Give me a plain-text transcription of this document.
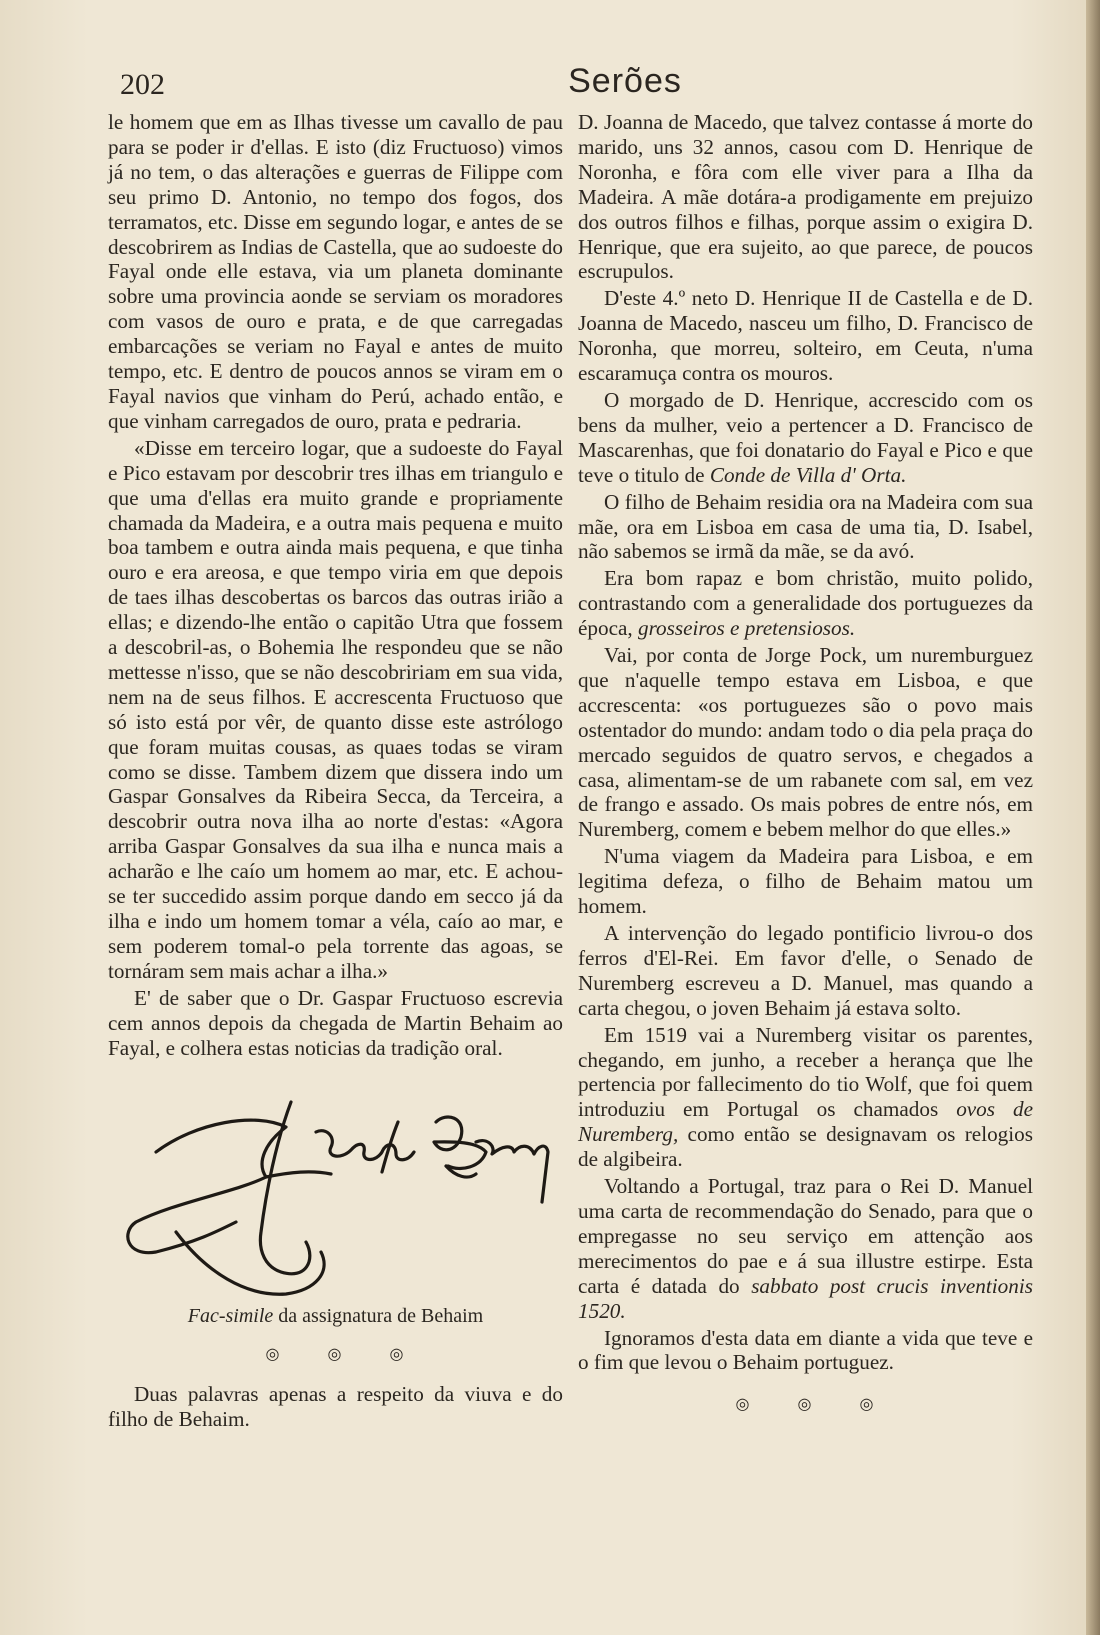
202	Serões

le homem que em as Ilhas tivesse um cavallo de pau para se poder ir d'ellas. E isto (diz Fructuoso) vimos já no tem, o das alterações e guerras de Filippe com seu primo D. Antonio, no tempo dos fogos, dos terramatos, etc. Disse em segundo logar, e antes de se descobrirem as Indias de Castella, que ao sudoeste do Fayal onde elle estava, via um planeta dominante sobre uma provincia aonde se serviam os moradores com vasos de ouro e prata, e de que carregadas embarcações se veriam no Fayal e antes de muito tempo, etc. E dentro de poucos annos se viram em o Fayal navios que vinham do Perú, achado então, e que vinham carregados de ouro, prata e pedraria.

«Disse em terceiro logar, que a sudoeste do Fayal e Pico estavam por descobrir tres ilhas em triangulo e que uma d'ellas era muito grande e propriamente chamada da Madeira, e a outra mais pequena e muito boa tambem e outra ainda mais pequena, e que tinha ouro e era areosa, e que tempo viria em que depois de taes ilhas descobertas os barcos das outras irião a ellas; e dizendo-lhe então o capitão Utra que fossem a descobril-as, o Bohemia lhe respondeu que se não mettesse n'isso, que se não descobririam em sua vida, nem na de seus filhos. E accrescenta Fructuoso que só isto está por vêr, de quanto disse este astrólogo que foram muitas cousas, as quaes todas se viram como se disse. Tambem dizem que dissera indo um Gaspar Gonsalves da Ribeira Secca, da Terceira, a descobrir outra nova ilha ao norte d'estas: «Agora arriba Gaspar Gonsalves da sua ilha e nunca mais a acharão e lhe caío um homem ao mar, etc. E achou-se ter succedido assim porque dando em secco já da ilha e indo um homem tomar a véla, caío ao mar, e sem poderem tomal-o pela torrente das agoas, se tornáram sem mais achar a ilha.»

E' de saber que o Dr. Gaspar Fructuoso escrevia cem annos depois da chegada de Martin Behaim ao Fayal, e colhera estas noticias da tradição oral.

Fac-simile da assignatura de Behaim
◎ ◎ ◎

Duas palavras apenas a respeito da viuva e do filho de Behaim.

D. Joanna de Macedo, que talvez contasse á morte do marido, uns 32 annos, casou com D. Henrique de Noronha, e fôra com elle viver para a Ilha da Madeira. A mãe dotára-a prodigamente em prejuizo dos outros filhos e filhas, porque assim o exigira D. Henrique, que era sujeito, ao que parece, de poucos escrupulos.

D'este 4.º neto D. Henrique II de Castella e de D. Joanna de Macedo, nasceu um filho, D. Francisco de Noronha, que morreu, solteiro, em Ceuta, n'uma escaramuça contra os mouros.

O morgado de D. Henrique, accrescido com os bens da mulher, veio a pertencer a D. Francisco de Mascarenhas, que foi donatario do Fayal e Pico e que teve o titulo de Conde de Villa d' Orta.

O filho de Behaim residia ora na Madeira com sua mãe, ora em Lisboa em casa de uma tia, D. Isabel, não sabemos se irmã da mãe, se da avó.

Era bom rapaz e bom christão, muito polido, contrastando com a generalidade dos portuguezes da época, grosseiros e pretensiosos.

Vai, por conta de Jorge Pock, um nuremburguez que n'aquelle tempo estava em Lisboa, e que accrescenta: «os portuguezes são o povo mais ostentador do mundo: andam todo o dia pela praça do mercado seguidos de quatro servos, e chegados a casa, alimentam-se de um rabanete com sal, em vez de frango e assado. Os mais pobres de entre nós, em Nuremberg, comem e bebem melhor do que elles.»

N'uma viagem da Madeira para Lisboa, e em legitima defeza, o filho de Behaim matou um homem.

A intervenção do legado pontificio livrou-o dos ferros d'El-Rei. Em favor d'elle, o Senado de Nuremberg escreveu a D. Manuel, mas quando a carta chegou, o joven Behaim já estava solto.

Em 1519 vai a Nuremberg visitar os parentes, chegando, em junho, a receber a herança que lhe pertencia por fallecimento do tio Wolf, que foi quem introduziu em Portugal os chamados ovos de Nuremberg, como então se designavam os relogios de algibeira.

Voltando a Portugal, traz para o Rei D. Manuel uma carta de recommendação do Senado, para que o empregasse no seu serviço em attenção aos merecimentos do pae e á sua illustre estirpe. Esta carta é datada do sabbato post crucis inventionis 1520.

Ignoramos d'esta data em diante a vida que teve e o fim que levou o Behaim portuguez.

◎ ◎ ◎
